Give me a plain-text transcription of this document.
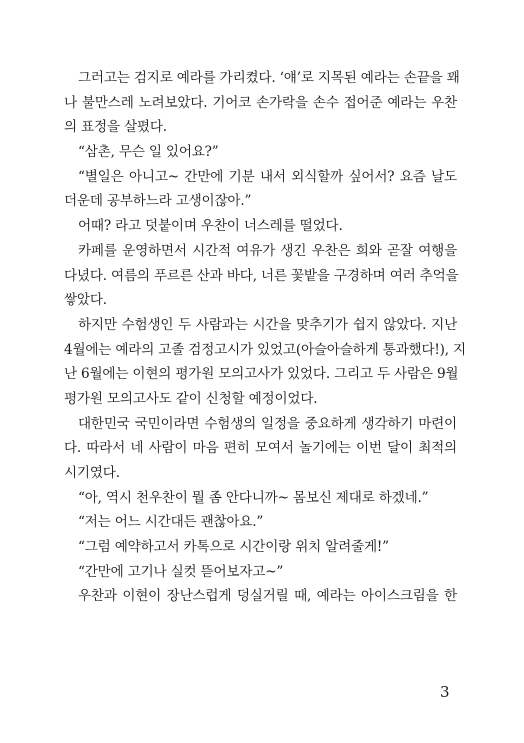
그러고는 검지로 예라를 가리켰다. ‘얘’로 지목된 예라는 손끝을 꽤
나 불만스레 노려보았다. 기어코 손가락을 손수 접어준 예라는 우찬
의 표정을 살폈다.
“삼촌, 무슨 일 있어요?”
“별일은 아니고~ 간만에 기분 내서 외식할까 싶어서? 요즘 날도
더운데 공부하느라 고생이잖아.”
어때? 라고 덧붙이며 우찬이 너스레를 떨었다.
카페를 운영하면서 시간적 여유가 생긴 우찬은 희와 곧잘 여행을
다녔다. 여름의 푸르른 산과 바다, 너른 꽃밭을 구경하며 여러 추억을
쌓았다.
하지만 수험생인 두 사람과는 시간을 맞추기가 쉽지 않았다. 지난
4월에는 예라의 고졸 검정고시가 있었고(아슬아슬하게 통과했다!), 지
난 6월에는 이현의 평가원 모의고사가 있었다. 그리고 두 사람은 9월
평가원 모의고사도 같이 신청할 예정이었다.
대한민국 국민이라면 수험생의 일정을 중요하게 생각하기 마련이
다. 따라서 네 사람이 마음 편히 모여서 놀기에는 이번 달이 최적의
시기였다.
“아, 역시 천우찬이 뭘 좀 안다니까~ 몸보신 제대로 하겠네.”
“저는 어느 시간대든 괜찮아요.”
“그럼 예약하고서 카톡으로 시간이랑 위치 알려줄게!”
“간만에 고기나 실컷 뜯어보자고~”
우찬과 이현이 장난스럽게 덩실거릴 때, 예라는 아이스크림을 한
3
